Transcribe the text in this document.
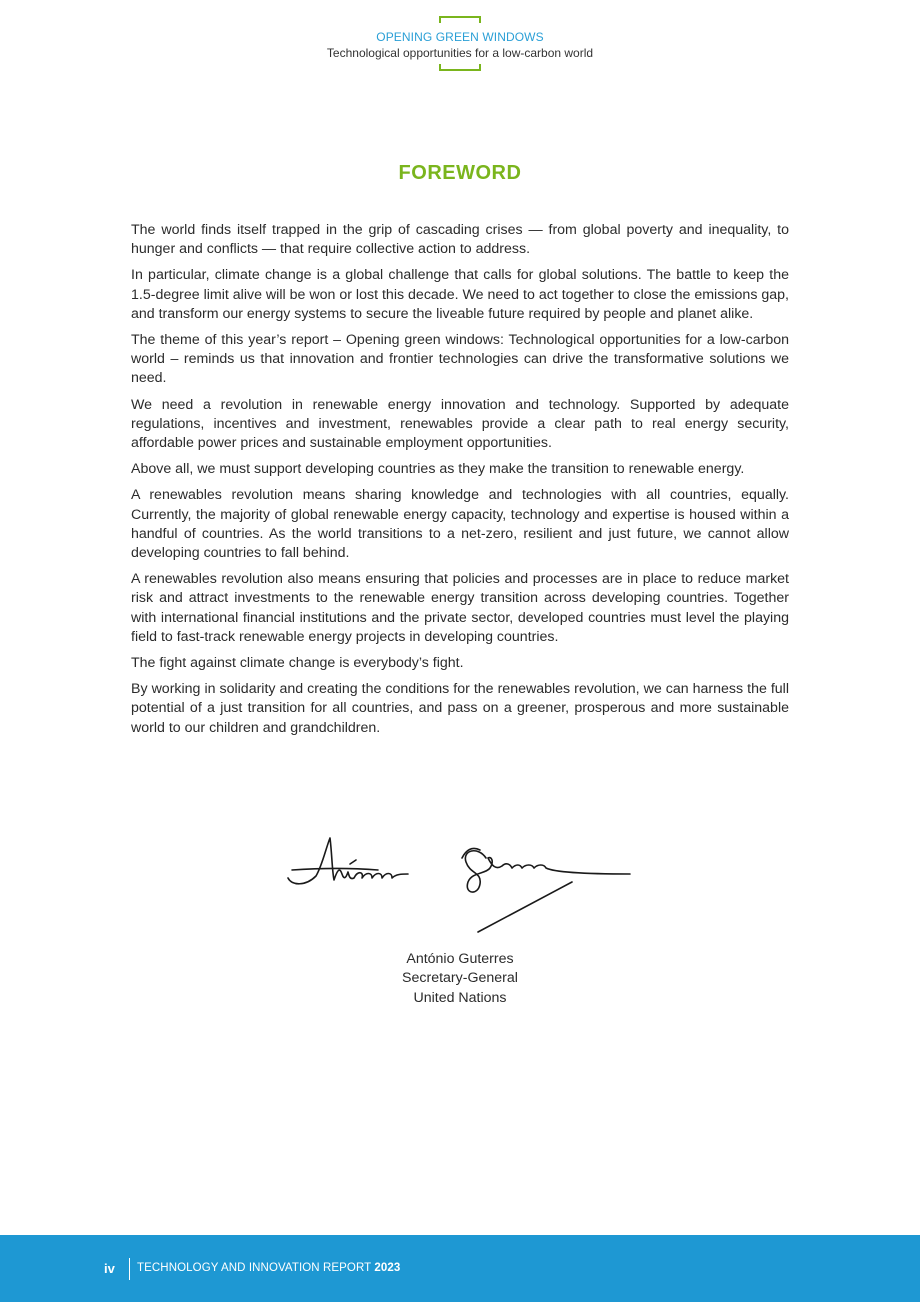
OPENING GREEN WINDOWS
Technological opportunities for a low-carbon world
FOREWORD

The world finds itself trapped in the grip of cascading crises — from global poverty and inequality, to hunger and conflicts — that require collective action to address.

In particular, climate change is a global challenge that calls for global solutions. The battle to keep the 1.5-degree limit alive will be won or lost this decade. We need to act together to close the emissions gap, and transform our energy systems to secure the liveable future required by people and planet alike.

The theme of this year’s report – Opening green windows: Technological opportunities for a low-carbon world – reminds us that innovation and frontier technologies can drive the transformative solutions we need.

We need a revolution in renewable energy innovation and technology. Supported by adequate regulations, incentives and investment, renewables provide a clear path to real energy security, affordable power prices and sustainable employment opportunities.

Above all, we must support developing countries as they make the transition to renewable energy.

A renewables revolution means sharing knowledge and technologies with all countries, equally. Currently, the majority of global renewable energy capacity, technology and expertise is housed within a handful of countries. As the world transitions to a net-zero, resilient and just future, we cannot allow developing countries to fall behind.

A renewables revolution also means ensuring that policies and processes are in place to reduce market risk and attract investments to the renewable energy transition across developing countries. Together with international financial institutions and the private sector, developed countries must level the playing field to fast-track renewable energy projects in developing countries.

The fight against climate change is everybody’s fight.

By working in solidarity and creating the conditions for the renewables revolution, we can harness the full potential of a just transition for all countries, and pass on a greener, prosperous and more sustainable world to our children and grandchildren.

António Guterres
Secretary-General
United Nations
iv TECHNOLOGY AND INNOVATION REPORT 2023
